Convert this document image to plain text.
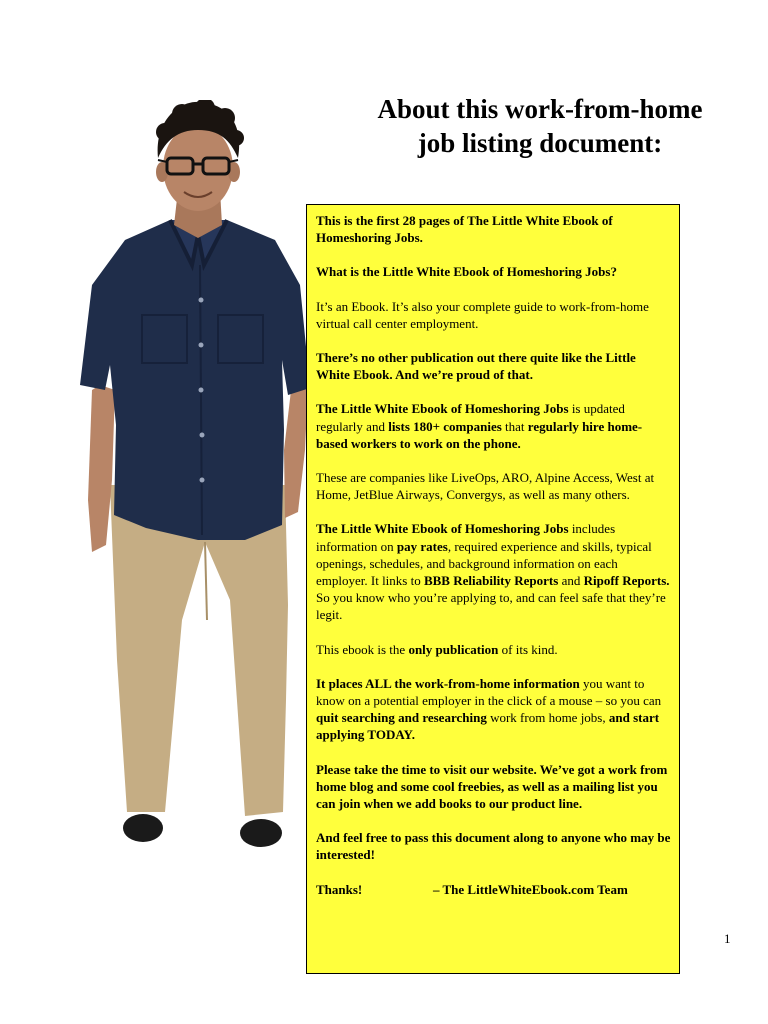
About this work-from-home
job listing document:

This is the first 28 pages of The Little White Ebook of Homeshoring Jobs.

What is the Little White Ebook of Homeshoring Jobs?

It’s an Ebook. It’s also your complete guide to work-from-home virtual call center employment.

There’s no other publication out there quite like the Little White Ebook. And we’re proud of that.

The Little White Ebook of Homeshoring Jobs is updated regularly and lists 180+ companies that regularly hire home-based workers to work on the phone.

These are companies like LiveOps, ARO, Alpine Access, West at Home, JetBlue Airways, Convergys, as well as many others.

The Little White Ebook of Homeshoring Jobs includes information on pay rates, required experience and skills, typical openings, schedules, and background information on each employer. It links to BBB Reliability Reports and Ripoff Reports. So you know who you’re applying to, and can feel safe that they’re legit.

This ebook is the only publication of its kind.

It places ALL the work-from-home information you want to know on a potential employer in the click of a mouse – so you can quit searching and researching work from home jobs, and start applying TODAY.

Please take the time to visit our website. We’ve got a work from home blog and some cool freebies, as well as a mailing list you can join when we add books to our product line.

And feel free to pass this document along to anyone who may be interested!

Thanks!	– The LittleWhiteEbook.com Team

1
